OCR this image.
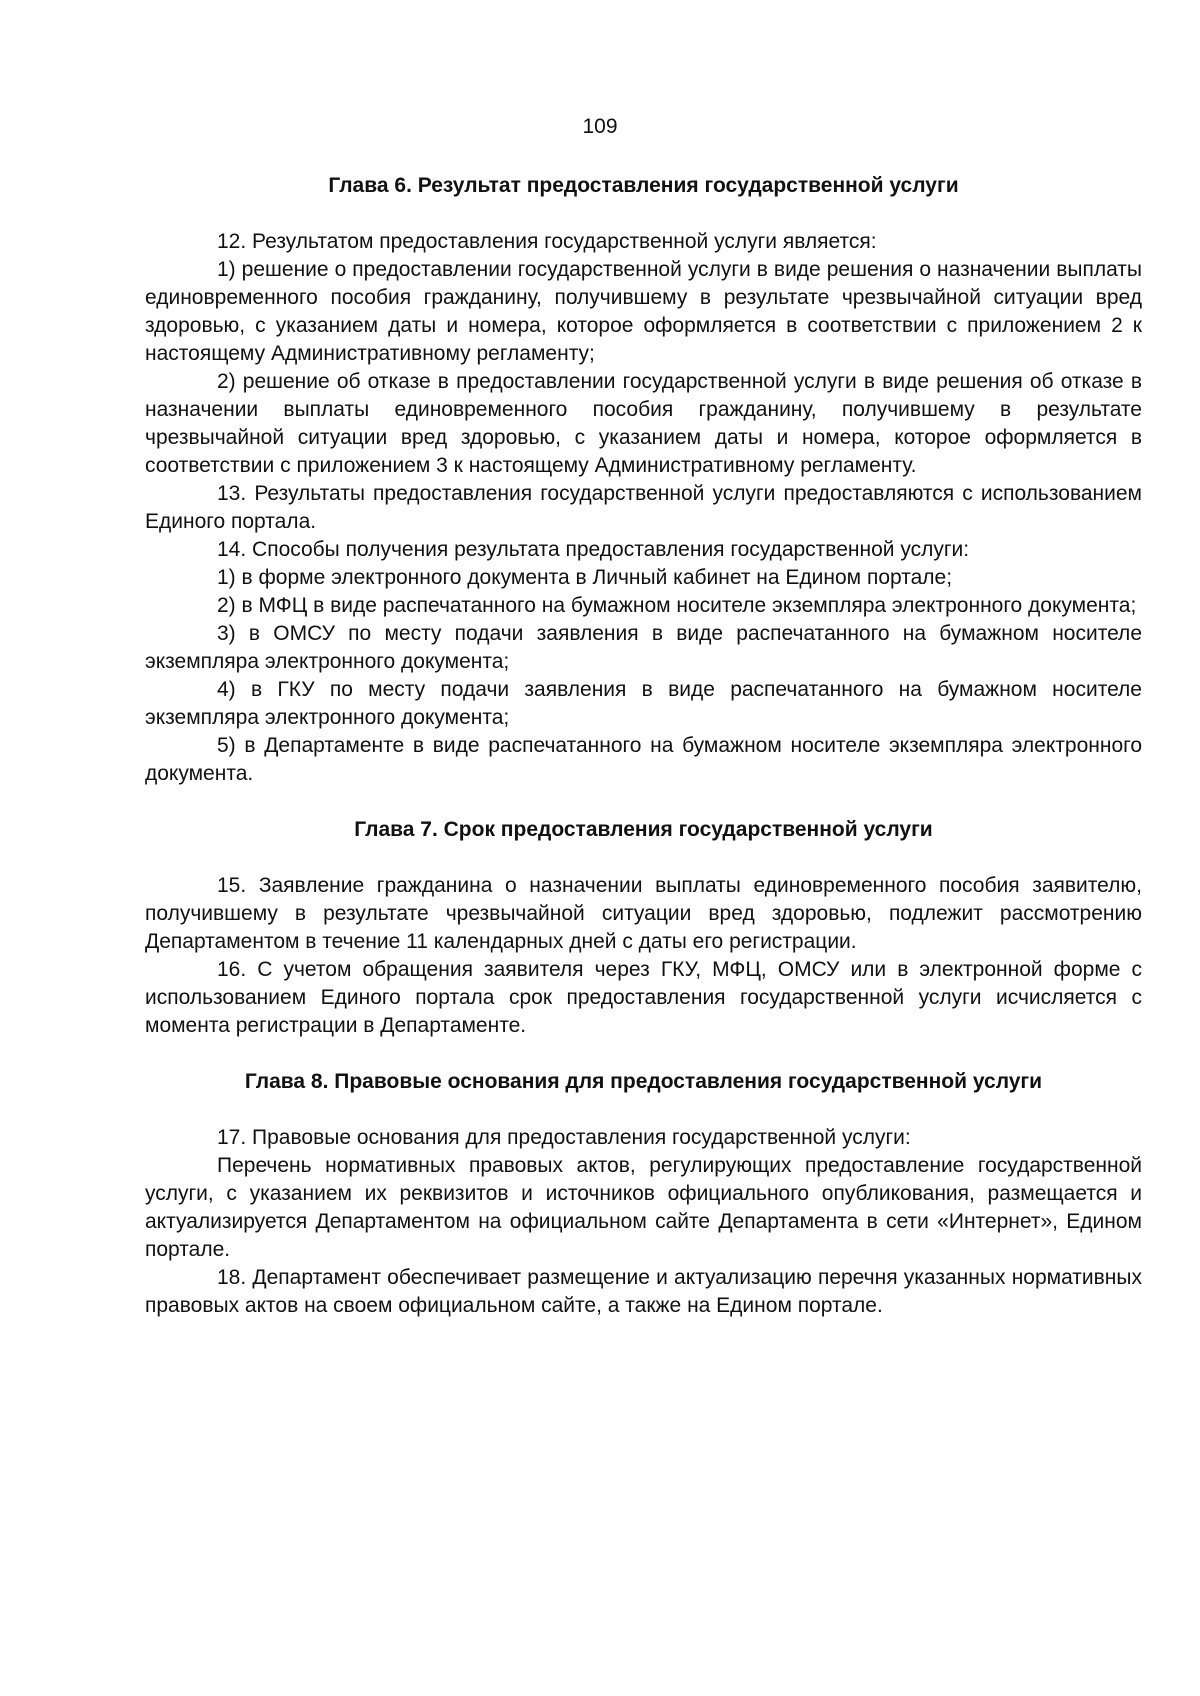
109
Глава 6. Результат предоставления государственной услуги

12. Результатом предоставления государственной услуги является:

1) решение о предоставлении государственной услуги в виде решения о назначении выплаты единовременного пособия гражданину, получившему в результате чрезвычайной ситуации вред здоровью, с указанием даты и номера, которое оформляется в соответствии с приложением 2 к настоящему Административному регламенту;

2) решение об отказе в предоставлении государственной услуги в виде решения об отказе в назначении выплаты единовременного пособия гражданину, получившему в результате чрезвычайной ситуации вред здоровью, с указанием даты и номера, которое оформляется в соответствии с приложением 3 к настоящему Административному регламенту.

13. Результаты предоставления государственной услуги предоставляются с использованием Единого портала.

14. Способы получения результата предоставления государственной услуги:

1) в форме электронного документа в Личный кабинет на Едином портале;

2) в МФЦ в виде распечатанного на бумажном носителе экземпляра электронного документа;

3) в ОМСУ по месту подачи заявления в виде распечатанного на бумажном носителе экземпляра электронного документа;

4) в ГКУ по месту подачи заявления в виде распечатанного на бумажном носителе экземпляра электронного документа;

5) в Департаменте в виде распечатанного на бумажном носителе экземпляра электронного документа.

Глава 7. Срок предоставления государственной услуги

15. Заявление гражданина о назначении выплаты единовременного пособия заявителю, получившему в результате чрезвычайной ситуации вред здоровью, подлежит рассмотрению Департаментом в течение 11 календарных дней с даты его регистрации.

16. С учетом обращения заявителя через ГКУ, МФЦ, ОМСУ или в электронной форме с использованием Единого портала срок предоставления государственной услуги исчисляется с момента регистрации в Департаменте.

Глава 8. Правовые основания для предоставления государственной услуги

17. Правовые основания для предоставления государственной услуги:

Перечень нормативных правовых актов, регулирующих предоставление государственной услуги, с указанием их реквизитов и источников официального опубликования, размещается и актуализируется Департаментом на официальном сайте Департамента в сети «Интернет», Едином портале.

18. Департамент обеспечивает размещение и актуализацию перечня указанных нормативных правовых актов на своем официальном сайте, а также на Едином портале.
